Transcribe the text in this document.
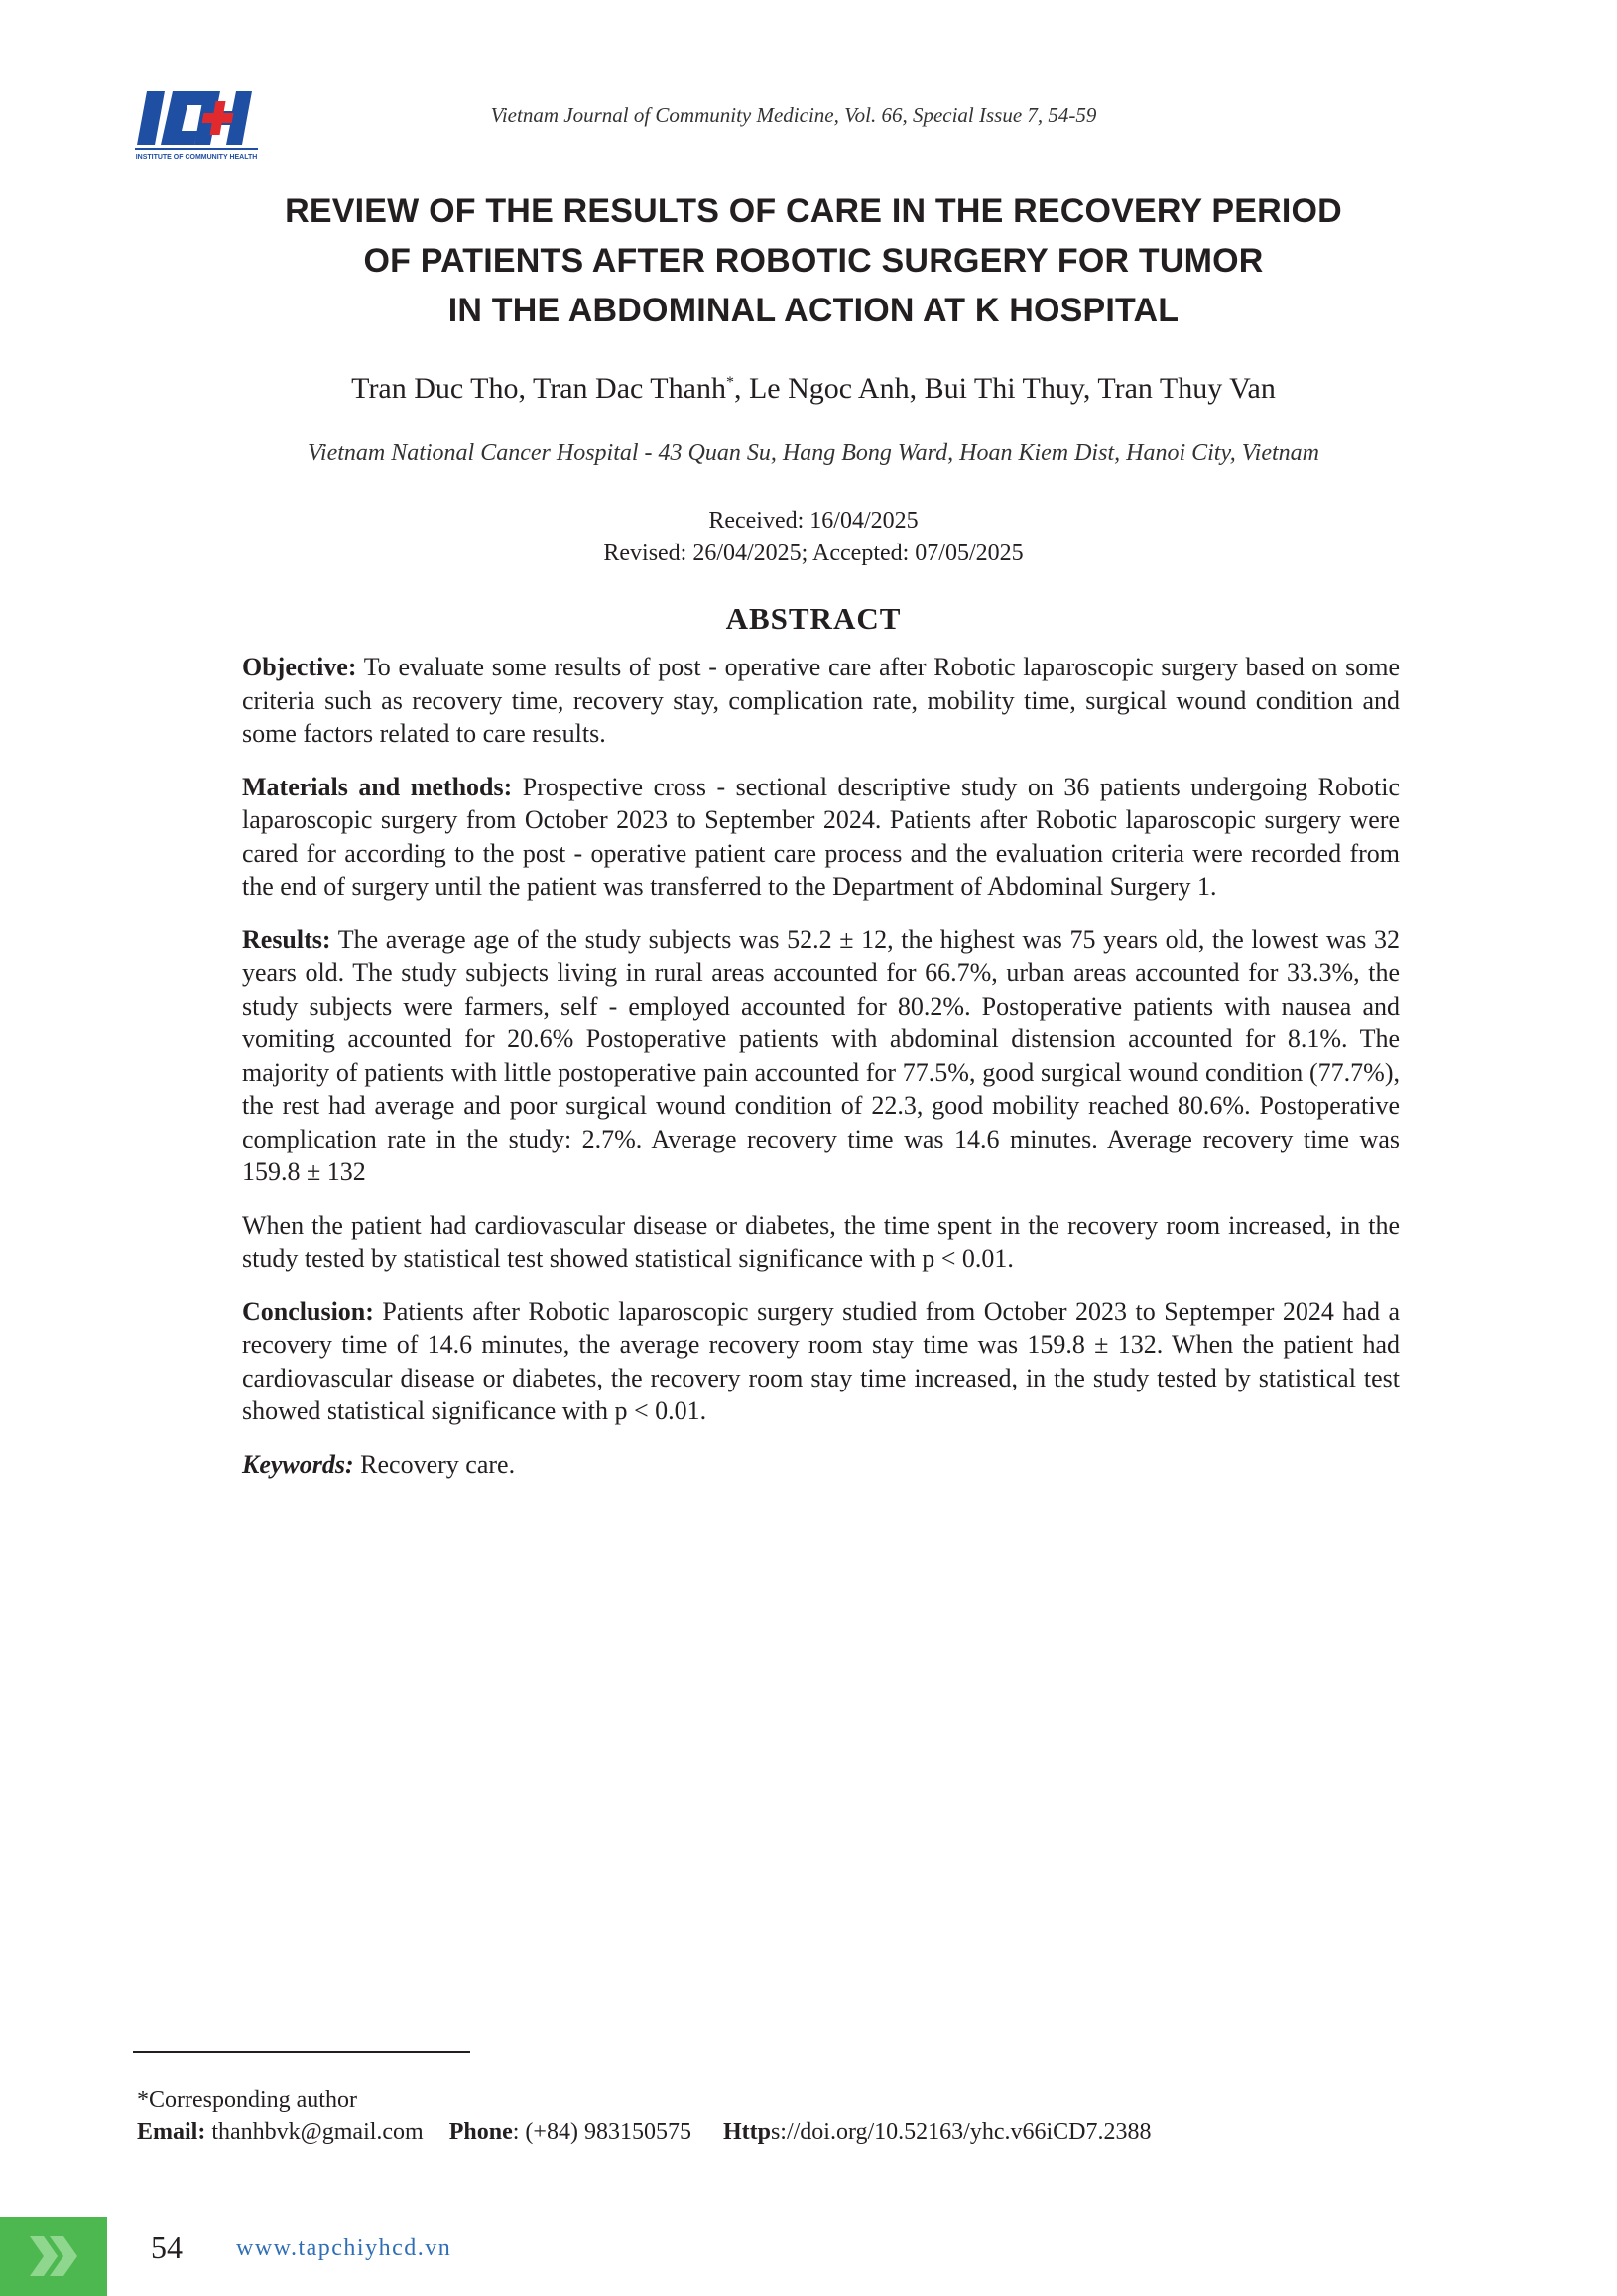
INSTITUTE OF COMMUNITY HEALTH
Vietnam Journal of Community Medicine, Vol. 66, Special Issue 7, 54-59
REVIEW OF THE RESULTS OF CARE IN THE RECOVERY PERIOD
OF PATIENTS AFTER ROBOTIC SURGERY FOR TUMOR
IN THE ABDOMINAL ACTION AT K HOSPITAL
Tran Duc Tho, Tran Dac Thanh*, Le Ngoc Anh, Bui Thi Thuy, Tran Thuy Van
Vietnam National Cancer Hospital - 43 Quan Su, Hang Bong Ward, Hoan Kiem Dist, Hanoi City, Vietnam
Received: 16/04/2025
Revised: 26/04/2025; Accepted: 07/05/2025
ABSTRACT

Objective: To evaluate some results of post - operative care after Robotic laparoscopic surgery based on some criteria such as recovery time, recovery stay, complication rate, mobility time, surgical wound condition and some factors related to care results.

Materials and methods: Prospective cross - sectional descriptive study on 36 patients undergoing Robotic laparoscopic surgery from October 2023 to September 2024. Patients after Robotic laparoscopic surgery were cared for according to the post - operative patient care process and the evaluation criteria were recorded from the end of surgery until the patient was transferred to the Department of Abdominal Surgery 1.

Results: The average age of the study subjects was 52.2 ± 12, the highest was 75 years old, the lowest was 32 years old. The study subjects living in rural areas accounted for 66.7%, urban areas accounted for 33.3%, the study subjects were farmers, self - employed accounted for 80.2%. Postoperative patients with nausea and vomiting accounted for 20.6% Postoperative patients with abdominal distension accounted for 8.1%. The majority of patients with little postoperative pain accounted for 77.5%, good surgical wound condition (77.7%), the rest had average and poor surgical wound condition of 22.3, good mobility reached 80.6%. Postoperative complication rate in the study: 2.7%. Average recovery time was 14.6 minutes. Average recovery time was 159.8 ± 132

When the patient had cardiovascular disease or diabetes, the time spent in the recovery room increased, in the study tested by statistical test showed statistical significance with p < 0.01.

Conclusion: Patients after Robotic laparoscopic surgery studied from October 2023 to Septemper 2024 had a recovery time of 14.6 minutes, the average recovery room stay time was 159.8 ± 132. When the patient had cardiovascular disease or diabetes, the recovery room stay time increased, in the study tested by statistical test showed statistical significance with p < 0.01.

Keywords: Recovery care.

*Corresponding author
Email: thanhbvk@gmail.com Phone: (+84) 983150575 Https://doi.org/10.52163/yhc.v66iCD7.2388
54 www.tapchiyhcd.vn
